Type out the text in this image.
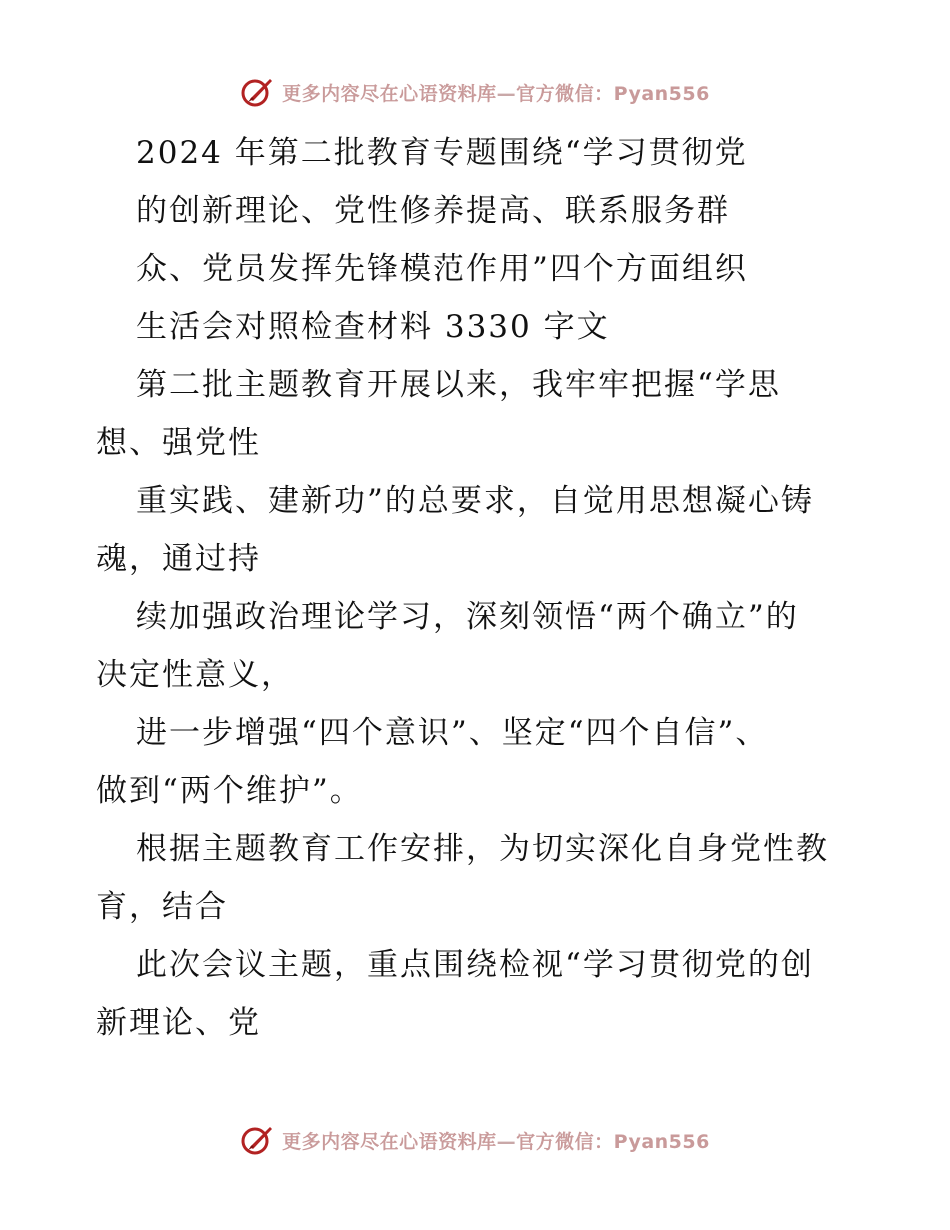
更多内容尽在心语资料库—官方微信：Pyan556
2024 年第二批教育专题围绕“学习贯彻党
的创新理论、党性修养提高、联系服务群
众、党员发挥先锋模范作用”四个方面组织
生活会对照检查材料 3330 字文
第二批主题教育开展以来，我牢牢把握“学思
想、强党性
重实践、建新功”的总要求，自觉用思想凝心铸
魂，通过持
续加强政治理论学习，深刻领悟“两个确立”的
决定性意义，
进一步增强“四个意识”、坚定“四个自信”、
做到“两个维护”。
根据主题教育工作安排，为切实深化自身党性教
育，结合
此次会议主题，重点围绕检视“学习贯彻党的创
新理论、党
更多内容尽在心语资料库—官方微信：Pyan556
